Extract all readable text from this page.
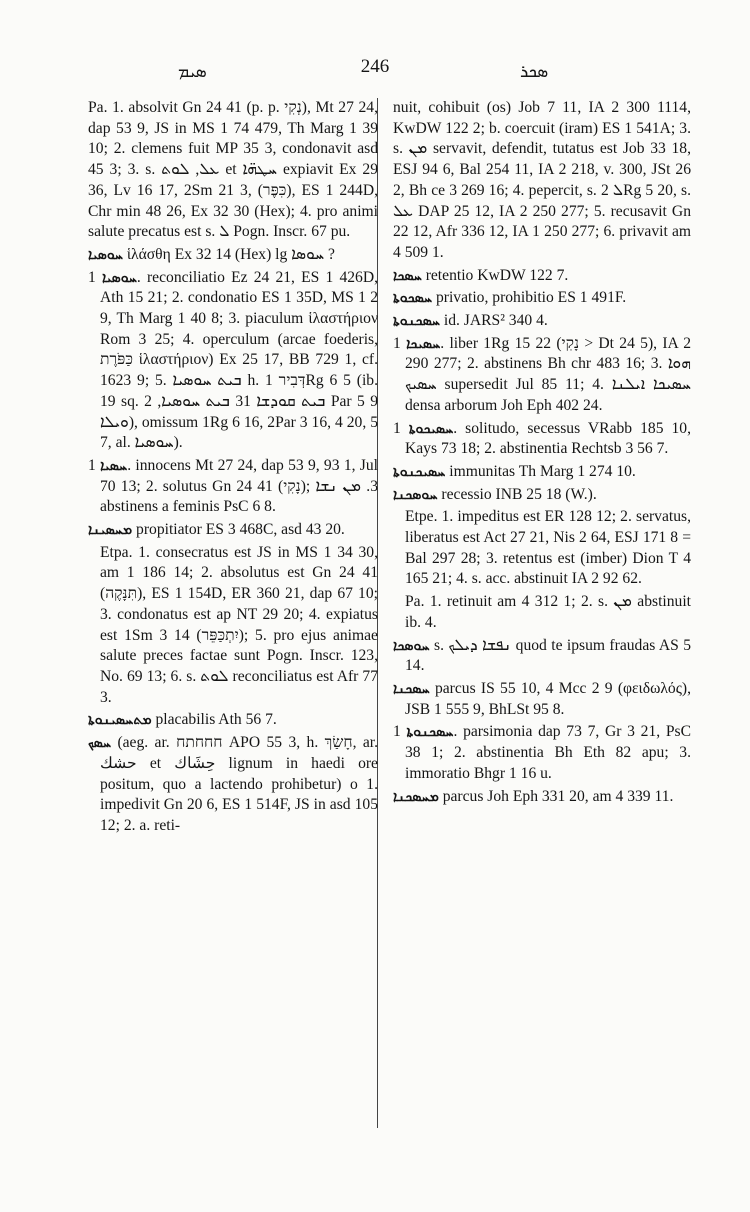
ܣܝܡ	246	ܣܟܪ

Pa. 1. absolvit Gn 24 41 (p. p. נְקִי), Mt 27 24, dap 53 9, JS in MS 1 74 479, Th Marg 1 39 10; 2. clemens fuit MP 35 3, condonavit asd 45 3; 3. s. ܥܠ, ܠܘܬ et ܚܛܗ̈ܐ expiavit Ex 29 36, Lv 16 17, 2Sm 21 3, (כִּפֶּר), ES 1 244D, Chr min 48 26, Ex 32 30 (Hex); 4. pro animi salute precatus est s. ܠ Pogn. Inscr. 67 pu.

ܚܘܣܝܐ ἱλάσθη Ex 32 14 (Hex) lg ܚܘܣܐ ?

ܚܘܣܝܐ 1. reconciliatio Ez 24 21, ES 1 426D, Ath 15 21; 2. condonatio ES 1 35D, MS 1 2 9, Th Marg 1 40 8; 3. piaculum ἱλαστήριον Rom 3 25; 4. operculum (arcae foederis, כַּפֹּרֶת ἱλαστήριον) Ex 25 17, BB 729 1, cf. 1623 9; 5. ܒܝܬ ܚܘܣܝܐ h. דְּבִיר 1Rg 6 5 (ib. 19 sq. ܒܝܬ ܩܘܕܫܐ 31 ܒܝܬ ܚܘܣܝܐ, 2 Par 5 9 ܘܝܠܐ), omissum 1Rg 6 16, 2Par 3 16, 4 20, 5 7, al. ܚܘܣܝܐ).

ܚܣܝܐ 1. innocens Mt 27 24, dap 53 9, 93 1, Jul 70 13; 2. solutus Gn 24 41 (נָקִי); 3. ܡܢ ܢܫܐ abstinens a feminis PsC 6 8.

ܡܚܣܝܢܐ propitiator ES 3 468C, asd 43 20.

Etpa. 1. consecratus est JS in MS 1 34 30, am 1 186 14; 2. absolutus est Gn 24 41 (תִּנָּקֶה), ES 1 154D, ER 360 21, dap 67 10; 3. condonatus est ap NT 29 20; 4. expiatus est 1Sm 3 14 (יִתְכַּפֵּר); 5. pro ejus animae salute preces factae sunt Pogn. Inscr. 123, No. 69 13; 6. s. ܠܘܬ reconciliatus est Afr 77 3.

ܡܬܚܣܝܢܘܬܐ placabilis Ath 56 7.

ܚܣܟ (aeg. ar. חחחתח APO 55 3, h. חָשַׂךְ, ar. حشك et حِشَاك lignum in haedi ore positum, quo a lactendo prohibetur) o 1. impedivit Gn 20 6, ES 1 514F, JS in asd 105 12; 2. a. reti-

nuit, cohibuit (os) Job 7 11, IA 2 300 1114, KwDW 122 2; b. coercuit (iram) ES 1 541A; 3. s. ܡܢ servavit, defendit, tutatus est Job 33 18, ESJ 94 6, Bal 254 11, IA 2 218, v. 300, JSt 26 2, Bh ce 3 269 16; 4. pepercit, s. ܠ 2Rg 5 20, s. ܥܠ DAP 25 12, IA 2 250 277; 5. recusavit Gn 22 12, Afr 336 12, IA 1 250 277; 6. privavit am 4 509 1.

ܚܣܟܐ retentio KwDW 122 7.

ܚܣܟܘܬܐ privatio, prohibitio ES 1 491F.

ܚܣܟܢܘܬܐ id. JARS² 340 4.

ܚܣܝܟܐ 1. liber 1Rg 15 22 (נָקִי > Dt 24 5), IA 2 290 277; 2. abstinens Bh chr 483 16; 3. ܗܘܐ ܚܣܝܟ supersedit Jul 85 11; 4. ܚܣܝܟܐ ܐܝܠܢܐ densa arborum Joh Eph 402 24.

ܚܣܝܟܘܬܐ 1. solitudo, secessus VRabb 185 10, Kays 73 18; 2. abstinentia Rechtsb 3 56 7.

ܚܣܝܟܢܘܬܐ immunitas Th Marg 1 274 10.

ܚܘܣܟܢܐ recessio INB 25 18 (W.).

Etpe. 1. impeditus est ER 128 12; 2. servatus, liberatus est Act 27 21, Nis 2 64, ESJ 171 8 = Bal 297 28; 3. retentus est (imber) Dion T 4 165 21; 4. s. acc. abstinuit IA 2 92 62.

Pa. 1. retinuit am 4 312 1; 2. s. ܡܢ abstinuit ib. 4.

ܚܘܣܟܐ s. ܢܦܫܐ ܕܝܠܟ quod te ipsum fraudas AS 5 14.

ܚܣܟܢܐ parcus IS 55 10, 4 Mcc 2 9 (φειδωλός), JSB 1 555 9, BhLSt 95 8.

ܚܣܟܢܘܬܐ 1. parsimonia dap 73 7, Gr 3 21, PsC 38 1; 2. abstinentia Bh Eth 82 apu; 3. immoratio Bhgr 1 16 u.

ܡܚܣܟܢܐ parcus Joh Eph 331 20, am 4 339 11.
